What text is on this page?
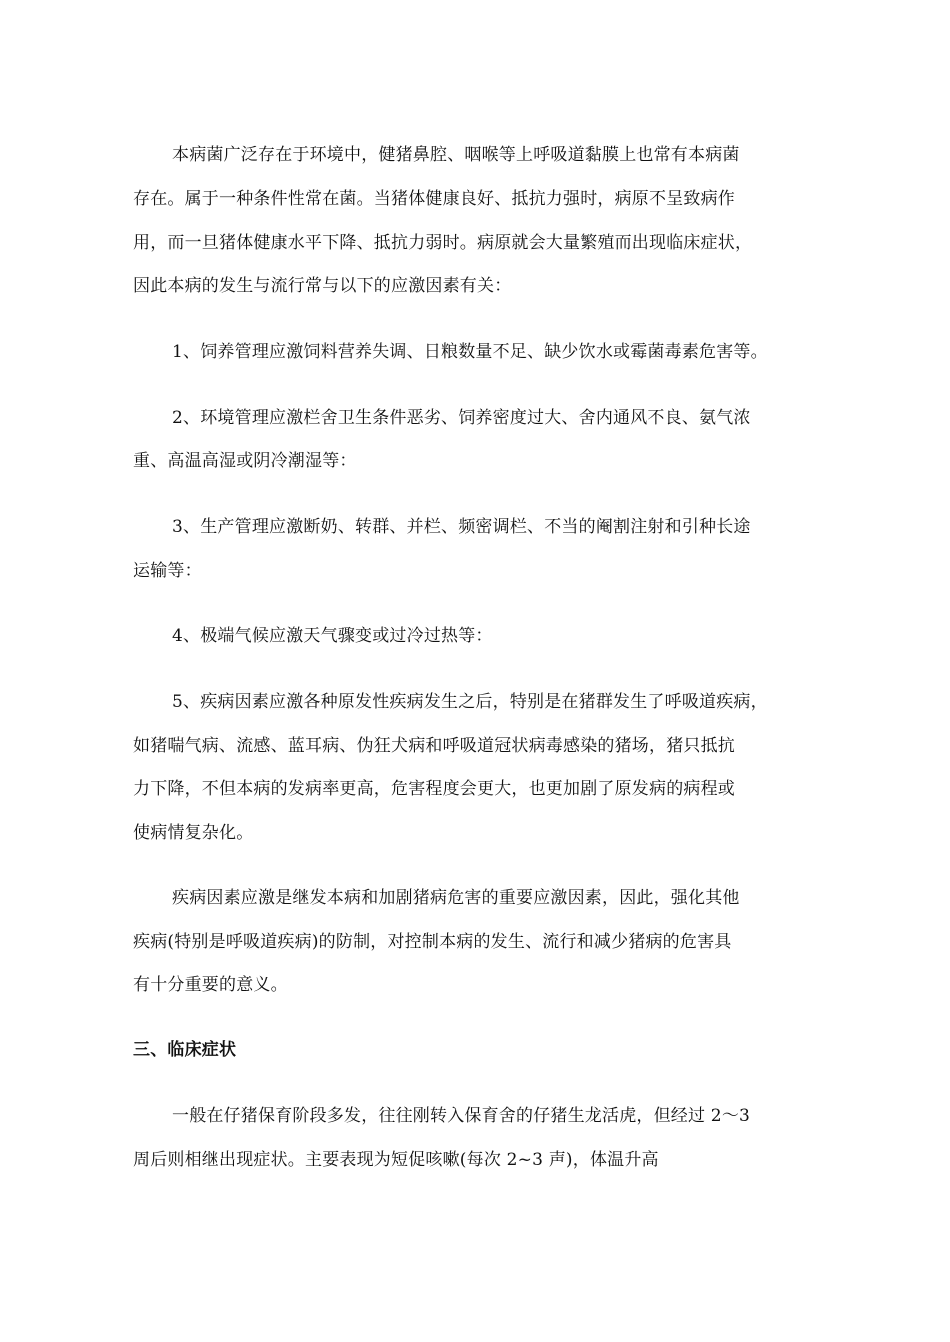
本病菌广泛存在于环境中，健猪鼻腔、咽喉等上呼吸道黏膜上也常有本病菌
存在。属于一种条件性常在菌。当猪体健康良好、抵抗力强时，病原不呈致病作
用，而一旦猪体健康水平下降、抵抗力弱时。病原就会大量繁殖而出现临床症状，
因此本病的发生与流行常与以下的应激因素有关：
1、饲养管理应激饲料营养失调、日粮数量不足、缺少饮水或霉菌毒素危害等。
2、环境管理应激栏舍卫生条件恶劣、饲养密度过大、舍内通风不良、氨气浓
重、高温高湿或阴冷潮湿等：
3、生产管理应激断奶、转群、并栏、频密调栏、不当的阉割注射和引种长途
运输等：
4、极端气候应激天气骤变或过冷过热等：
5、疾病因素应激各种原发性疾病发生之后，特别是在猪群发生了呼吸道疾病，
如猪喘气病、流感、蓝耳病、伪狂犬病和呼吸道冠状病毒感染的猪场，猪只抵抗
力下降，不但本病的发病率更高，危害程度会更大，也更加剧了原发病的病程或
使病情复杂化。
疾病因素应激是继发本病和加剧猪病危害的重要应激因素，因此，强化其他
疾病(特别是呼吸道疾病)的防制，对控制本病的发生、流行和减少猪病的危害具
有十分重要的意义。
三、临床症状
一般在仔猪保育阶段多发，往往刚转入保育舍的仔猪生龙活虎，但经过 2～3
周后则相继出现症状。主要表现为短促咳嗽(每次 2~3 声)，体温升高
